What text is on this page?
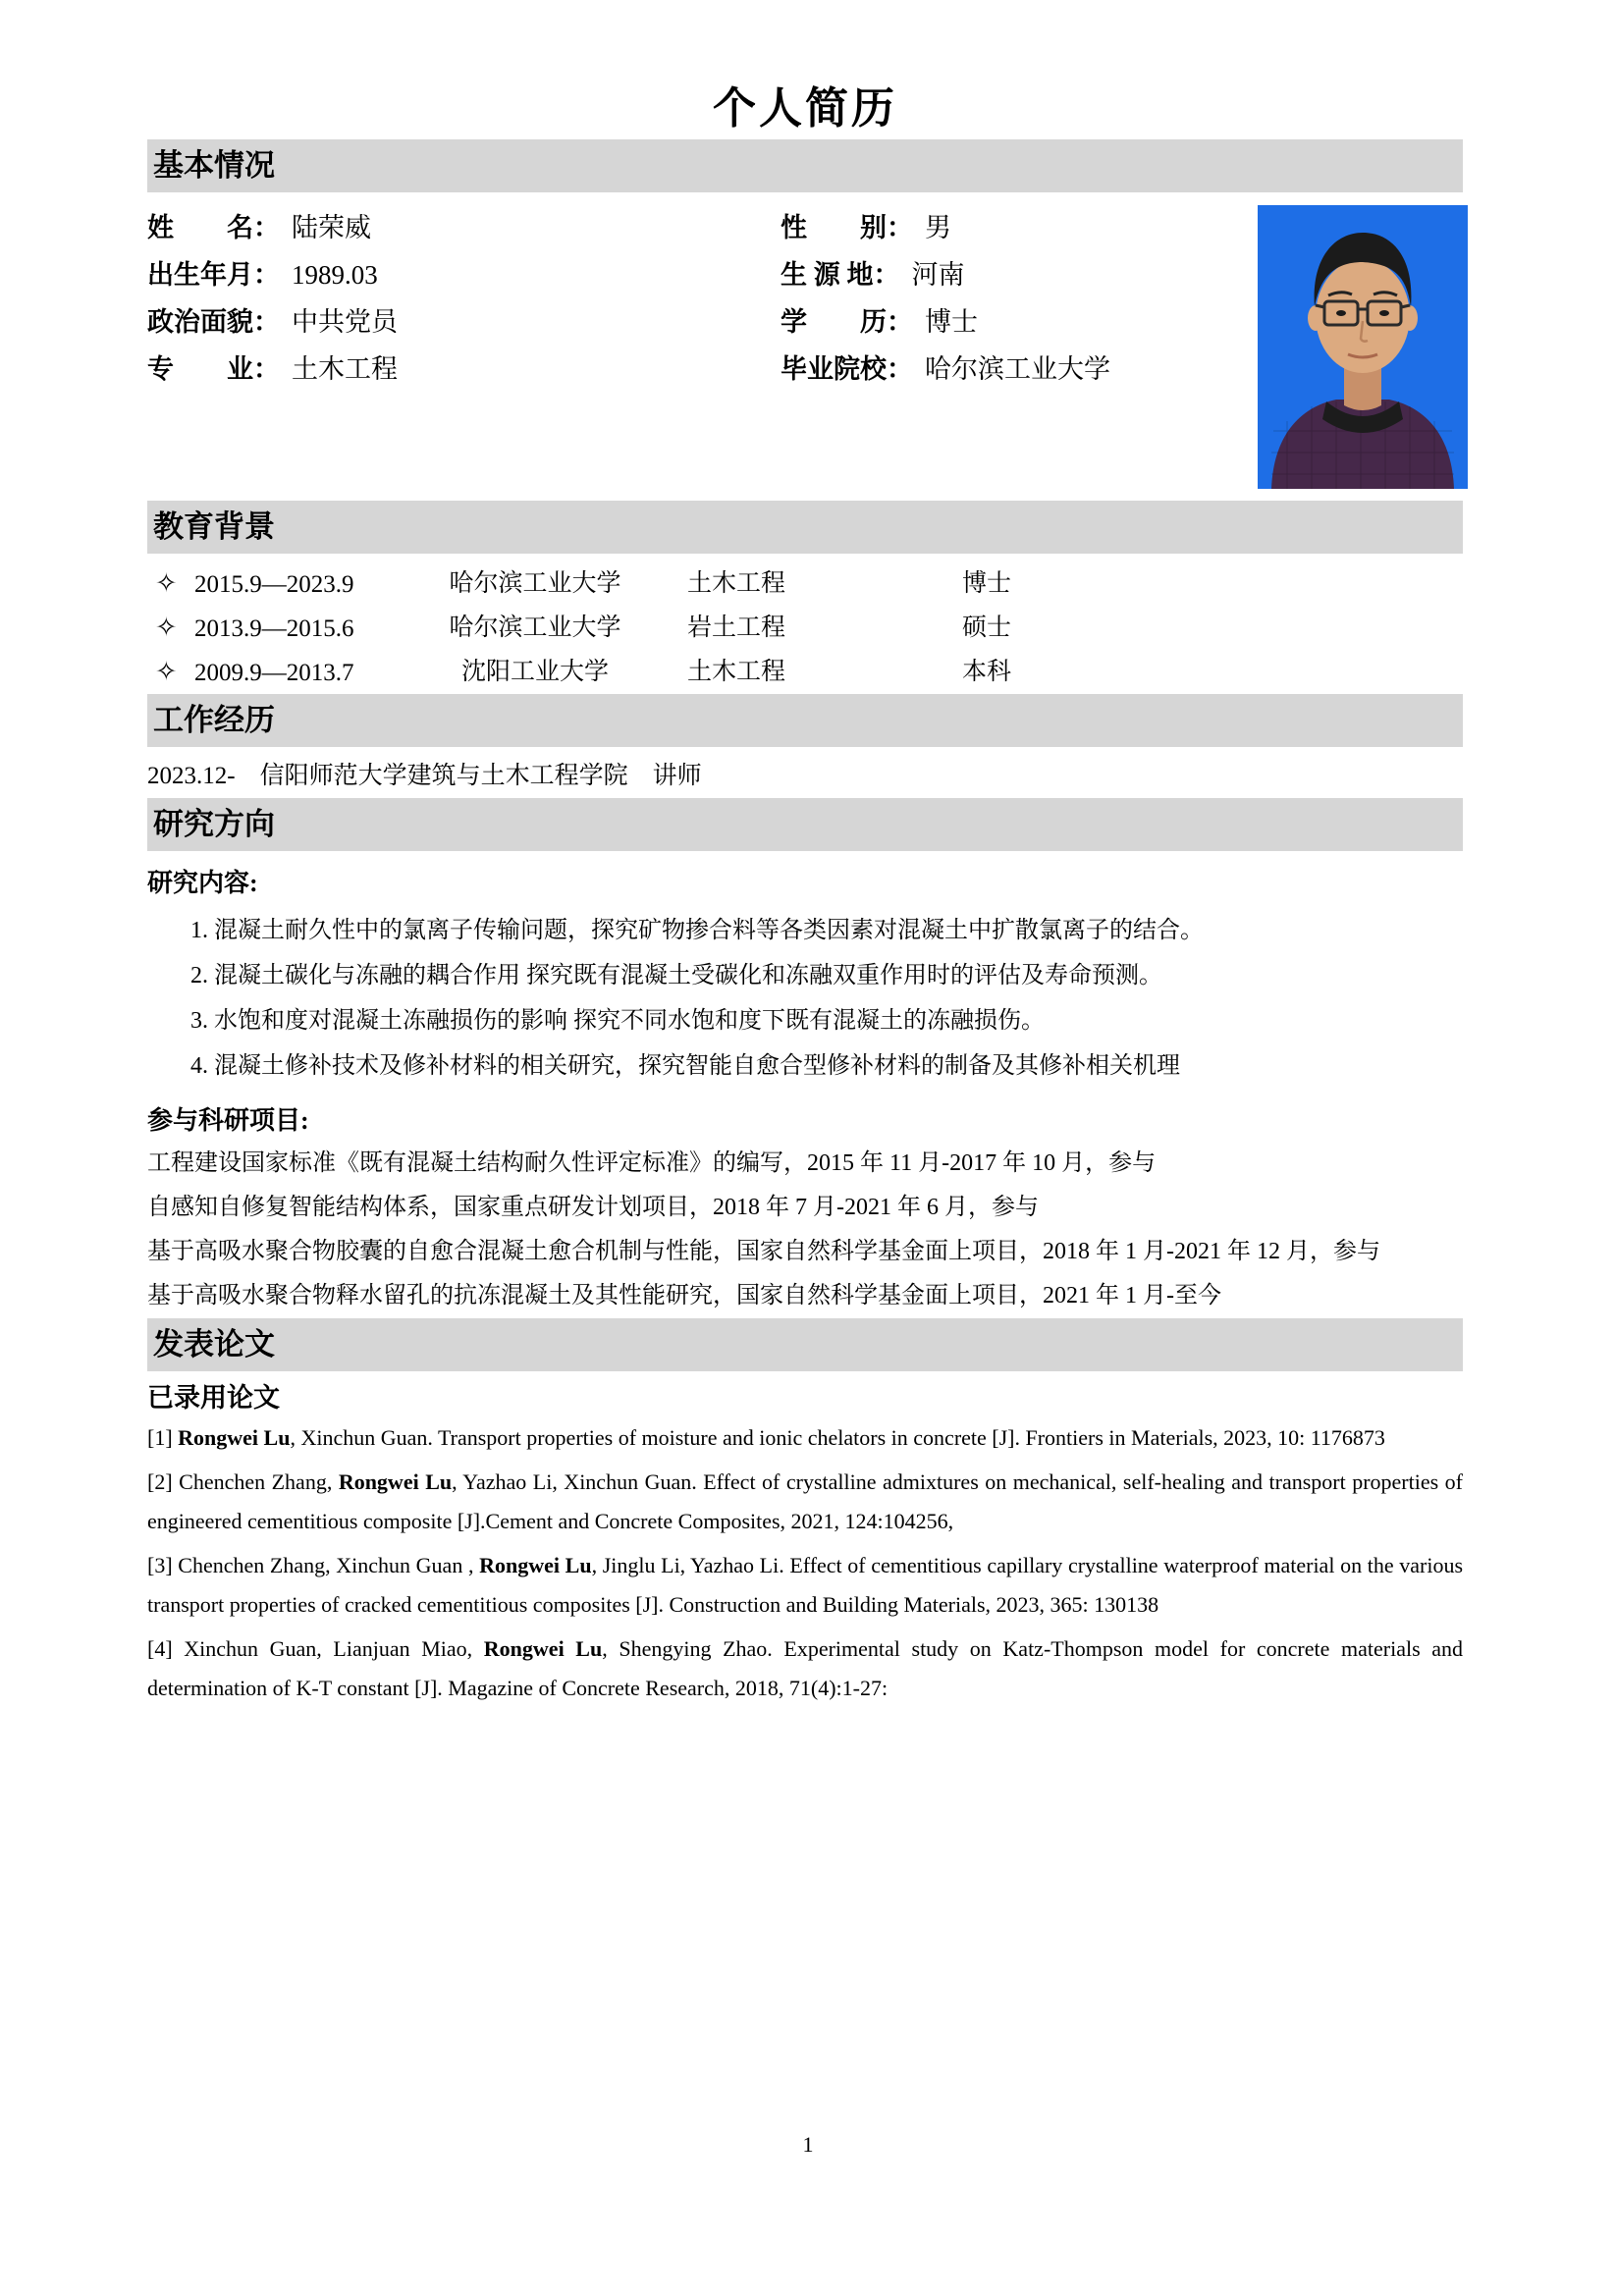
个人简历
基本情况
姓　　名： 陆荣威
出生年月： 1989.03
政治面貌： 中共党员
专　　业： 土木工程
性　　别： 男
生 源 地： 河南
学　　历： 博士
毕业院校： 哈尔滨工业大学
教育背景
✧ 2015.9—2023.9	哈尔滨工业大学	土木工程	博士
✧ 2013.9—2015.6	哈尔滨工业大学	岩土工程	硕士
✧ 2009.9—2013.7	沈阳工业大学	土木工程	本科
工作经历
2023.12-　信阳师范大学建筑与土木工程学院　讲师
研究方向
研究内容:

1. 混凝土耐久性中的氯离子传输问题，探究矿物掺合料等各类因素对混凝土中扩散氯离子的结合。

2. 混凝土碳化与冻融的耦合作用 探究既有混凝土受碳化和冻融双重作用时的评估及寿命预测。

3. 水饱和度对混凝土冻融损伤的影响 探究不同水饱和度下既有混凝土的冻融损伤。

4. 混凝土修补技术及修补材料的相关研究，探究智能自愈合型修补材料的制备及其修补相关机理

参与科研项目:

工程建设国家标准《既有混凝土结构耐久性评定标准》的编写，2015 年 11 月-2017 年 10 月，参与

自感知自修复智能结构体系，国家重点研发计划项目，2018 年 7 月-2021 年 6 月，参与

基于高吸水聚合物胶囊的自愈合混凝土愈合机制与性能，国家自然科学基金面上项目，2018 年 1 月-2021 年 12 月，参与

基于高吸水聚合物释水留孔的抗冻混凝土及其性能研究，国家自然科学基金面上项目，2021 年 1 月-至今

发表论文
已录用论文

[1] Rongwei Lu, Xinchun Guan. Transport properties of moisture and ionic chelators in concrete [J]. Frontiers in Materials, 2023, 10: 1176873

[2] Chenchen Zhang, Rongwei Lu, Yazhao Li, Xinchun Guan. Effect of crystalline admixtures on mechanical, self-healing and transport properties of engineered cementitious composite [J].Cement and Concrete Composites, 2021, 124:104256,

[3] Chenchen Zhang, Xinchun Guan , Rongwei Lu, Jinglu Li, Yazhao Li. Effect of cementitious capillary crystalline waterproof material on the various transport properties of cracked cementitious composites [J]. Construction and Building Materials, 2023, 365: 130138

[4] Xinchun Guan, Lianjuan Miao, Rongwei Lu, Shengying Zhao. Experimental study on Katz-Thompson model for concrete materials and determination of K-T constant [J]. Magazine of Concrete Research, 2018, 71(4):1-27:

1
